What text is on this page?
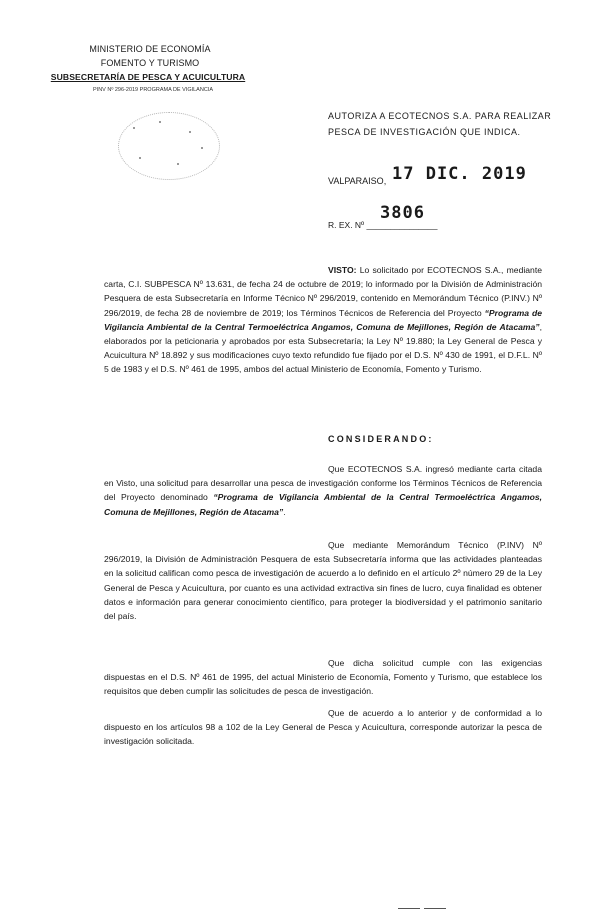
MINISTERIO DE ECONOMÍA
FOMENTO Y TURISMO
SUBSECRETARÍA DE PESCA Y ACUICULTURA
PINV Nº 296-2019 PROGRAMA DE VIGILANCIA
AUTORIZA A ECOTECNOS S.A. PARA REALIZAR
PESCA DE INVESTIGACIÓN QUE INDICA.
VALPARAISO, 17 DIC. 2019
3806
R. EX. Nº _______________
VISTO: Lo solicitado por ECOTECNOS S.A., mediante carta, C.I. SUBPESCA Nº 13.631, de fecha 24 de octubre de 2019; lo informado por la División de Administración Pesquera de esta Subsecretaría en Informe Técnico Nº 296/2019, contenido en Memorándum Técnico (P.INV.) Nº 296/2019, de fecha 28 de noviembre de 2019; los Términos Técnicos de Referencia del Proyecto “Programa de Vigilancia Ambiental de la Central Termoeléctrica Angamos, Comuna de Mejillones, Región de Atacama”, elaborados por la peticionaria y aprobados por esta Subsecretaría; la Ley Nº 19.880; la Ley General de Pesca y Acuicultura Nº 18.892 y sus modificaciones cuyo texto refundido fue fijado por el D.S. Nº 430 de 1991, el D.F.L. Nº 5 de 1983 y el D.S. Nº 461 de 1995, ambos del actual Ministerio de Economía, Fomento y Turismo.
CONSIDERANDO:
Que ECOTECNOS S.A. ingresó mediante carta citada en Visto, una solicitud para desarrollar una pesca de investigación conforme los Términos Técnicos de Referencia del Proyecto denominado “Programa de Vigilancia Ambiental de la Central Termoeléctrica Angamos, Comuna de Mejillones, Región de Atacama”.
Que mediante Memorándum Técnico (P.INV) Nº 296/2019, la División de Administración Pesquera de esta Subsecretaría informa que las actividades planteadas en la solicitud califican como pesca de investigación de acuerdo a lo definido en el artículo 2º número 29 de la Ley General de Pesca y Acuicultura, por cuanto es una actividad extractiva sin fines de lucro, cuya finalidad es obtener datos e información para generar conocimiento científico, para proteger la biodiversidad y el patrimonio sanitario del país.
Que dicha solicitud cumple con las exigencias dispuestas en el D.S. Nº 461 de 1995, del actual Ministerio de Economía, Fomento y Turismo, que establece los requisitos que deben cumplir las solicitudes de pesca de investigación.
Que de acuerdo a lo anterior y de conformidad a lo dispuesto en los artículos 98 a 102 de la Ley General de Pesca y Acuicultura, corresponde autorizar la pesca de investigación solicitada.
